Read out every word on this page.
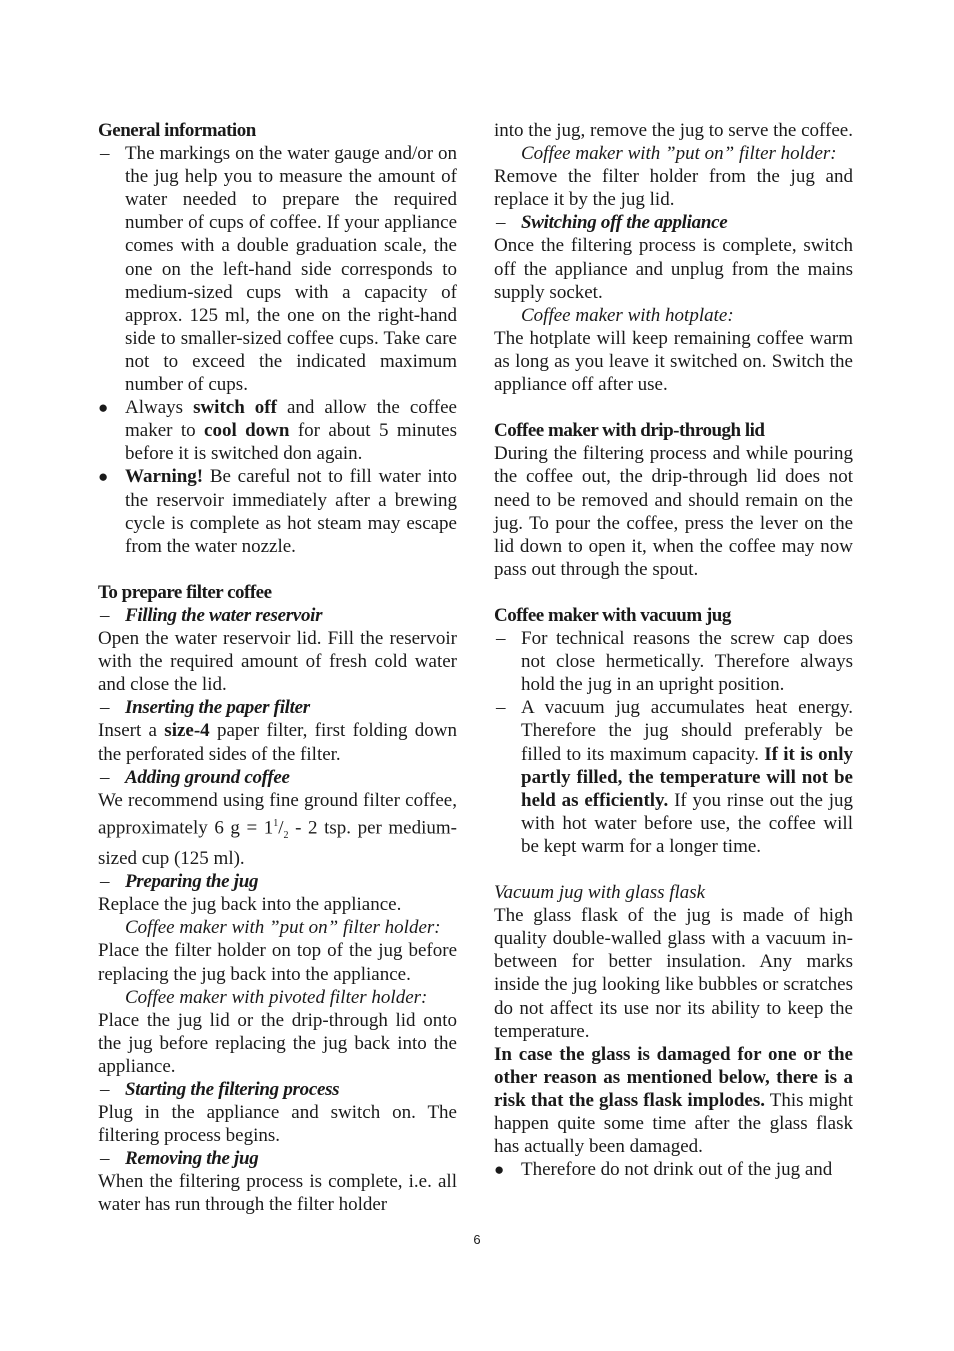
General information

– The markings on the water gauge and/or on the jug help you to measure the amount of water needed to prepare the required number of cups of coffee. If your appliance comes with a double graduation scale, the one on the left-hand side corresponds to medium-sized cups with a capacity of approx. 125 ml, the one on the right-hand side to smaller-sized coffee cups. Take care not to exceed the indicated maximum number of cups.

● Always switch off and allow the coffee maker to cool down for about 5 minutes before it is switched don again.

● Warning! Be careful not to fill water into the reservoir immediately after a brewing cycle is complete as hot steam may escape from the water nozzle.

To prepare filter coffee

– Filling the water reservoir

Open the water reservoir lid. Fill the reservoir with the required amount of fresh cold water and close the lid.

– Inserting the paper filter

Insert a size-4 paper filter, first folding down the perforated sides of the filter.

– Adding ground coffee

We recommend using fine ground filter coffee, approximately 6 $g = 1^1/_2 - 2$ tsp. per medium-sized cup (125 ml).

– Preparing the jug

Replace the jug back into the appliance.

Coffee maker with ”put on” filter holder:

Place the filter holder on top of the jug before replacing the jug back into the appliance.

Coffee maker with pivoted filter holder:

Place the jug lid or the drip-through lid onto the jug before replacing the jug back into the appliance.

– Starting the filtering process

Plug in the appliance and switch on. The filtering process begins.

– Removing the jug

When the filtering process is complete, i.e. all water has run through the filter holder

into the jug, remove the jug to serve the coffee.

Coffee maker with ”put on” filter holder:

Remove the filter holder from the jug and replace it by the jug lid.

– Switching off the appliance

Once the filtering process is complete, switch off the appliance and unplug from the mains supply socket.

Coffee maker with hotplate:

The hotplate will keep remaining coffee warm as long as you leave it switched on. Switch the appliance off after use.

Coffee maker with drip-through lid

During the filtering process and while pouring the coffee out, the drip-through lid does not need to be removed and should remain on the jug. To pour the coffee, press the lever on the lid down to open it, when the coffee may now pass out through the spout.

Coffee maker with vacuum jug

– For technical reasons the screw cap does not close hermetically. Therefore always hold the jug in an upright position.

– A vacuum jug accumulates heat energy. Therefore the jug should preferably be filled to its maximum capacity. If it is only partly filled, the temperature will not be held as efficiently. If you rinse out the jug with hot water before use, the coffee will be kept warm for a longer time.

Vacuum jug with glass flask

The glass flask of the jug is made of high quality double-walled glass with a vacuum in-between for better insulation. Any marks inside the jug looking like bubbles or scratches do not affect its use nor its ability to keep the temperature.

In case the glass is damaged for one or the other reason as mentioned below, there is a risk that the glass flask implodes. This might happen quite some time after the glass flask has actually been damaged.

● Therefore do not drink out of the jug and

6
